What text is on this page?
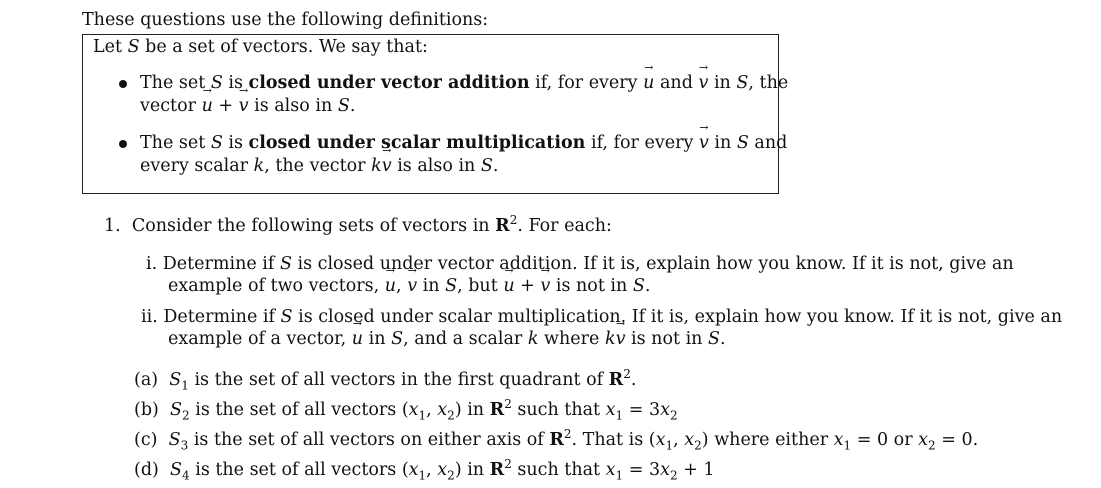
These questions use the following definitions:
Let S be a set of vectors. We say that:
The set S is closed under vector addition if, for every → u and → v in S, the
vector → u + → v is also in S.
The set S is closed under scalar multiplication if, for every → v in S and
every scalar k, the vector k→ v is also in S.
1. Consider the following sets of vectors in $R^2$. For each:
i. Determine if S is closed under vector addition. If it is, explain how you know. If it is not, give an
example of two vectors, → u, → v in S, but → u + → v is not in S.
ii. Determine if S is closed under scalar multiplication. If it is, explain how you know. If it is not, give an
example of a vector, → u in S, and a scalar k where k→ v is not in S.
(a) $S_1$ is the set of all vectors in the first quadrant of $R^2$.
(b) $S_2$ is the set of all vectors ($x_1$, $x_2$) in $R^2$ such that $x_1 = 3x_2$
(c) $S_3$ is the set of all vectors on either axis of $R^2$. That is ($x_1$, $x_2$) where either $x_1 = 0$ or $x_2 = 0$.
(d) $S_4$ is the set of all vectors ($x_1$, $x_2$) in $R^2$ such that $x_1 = 3x_2 + 1$
